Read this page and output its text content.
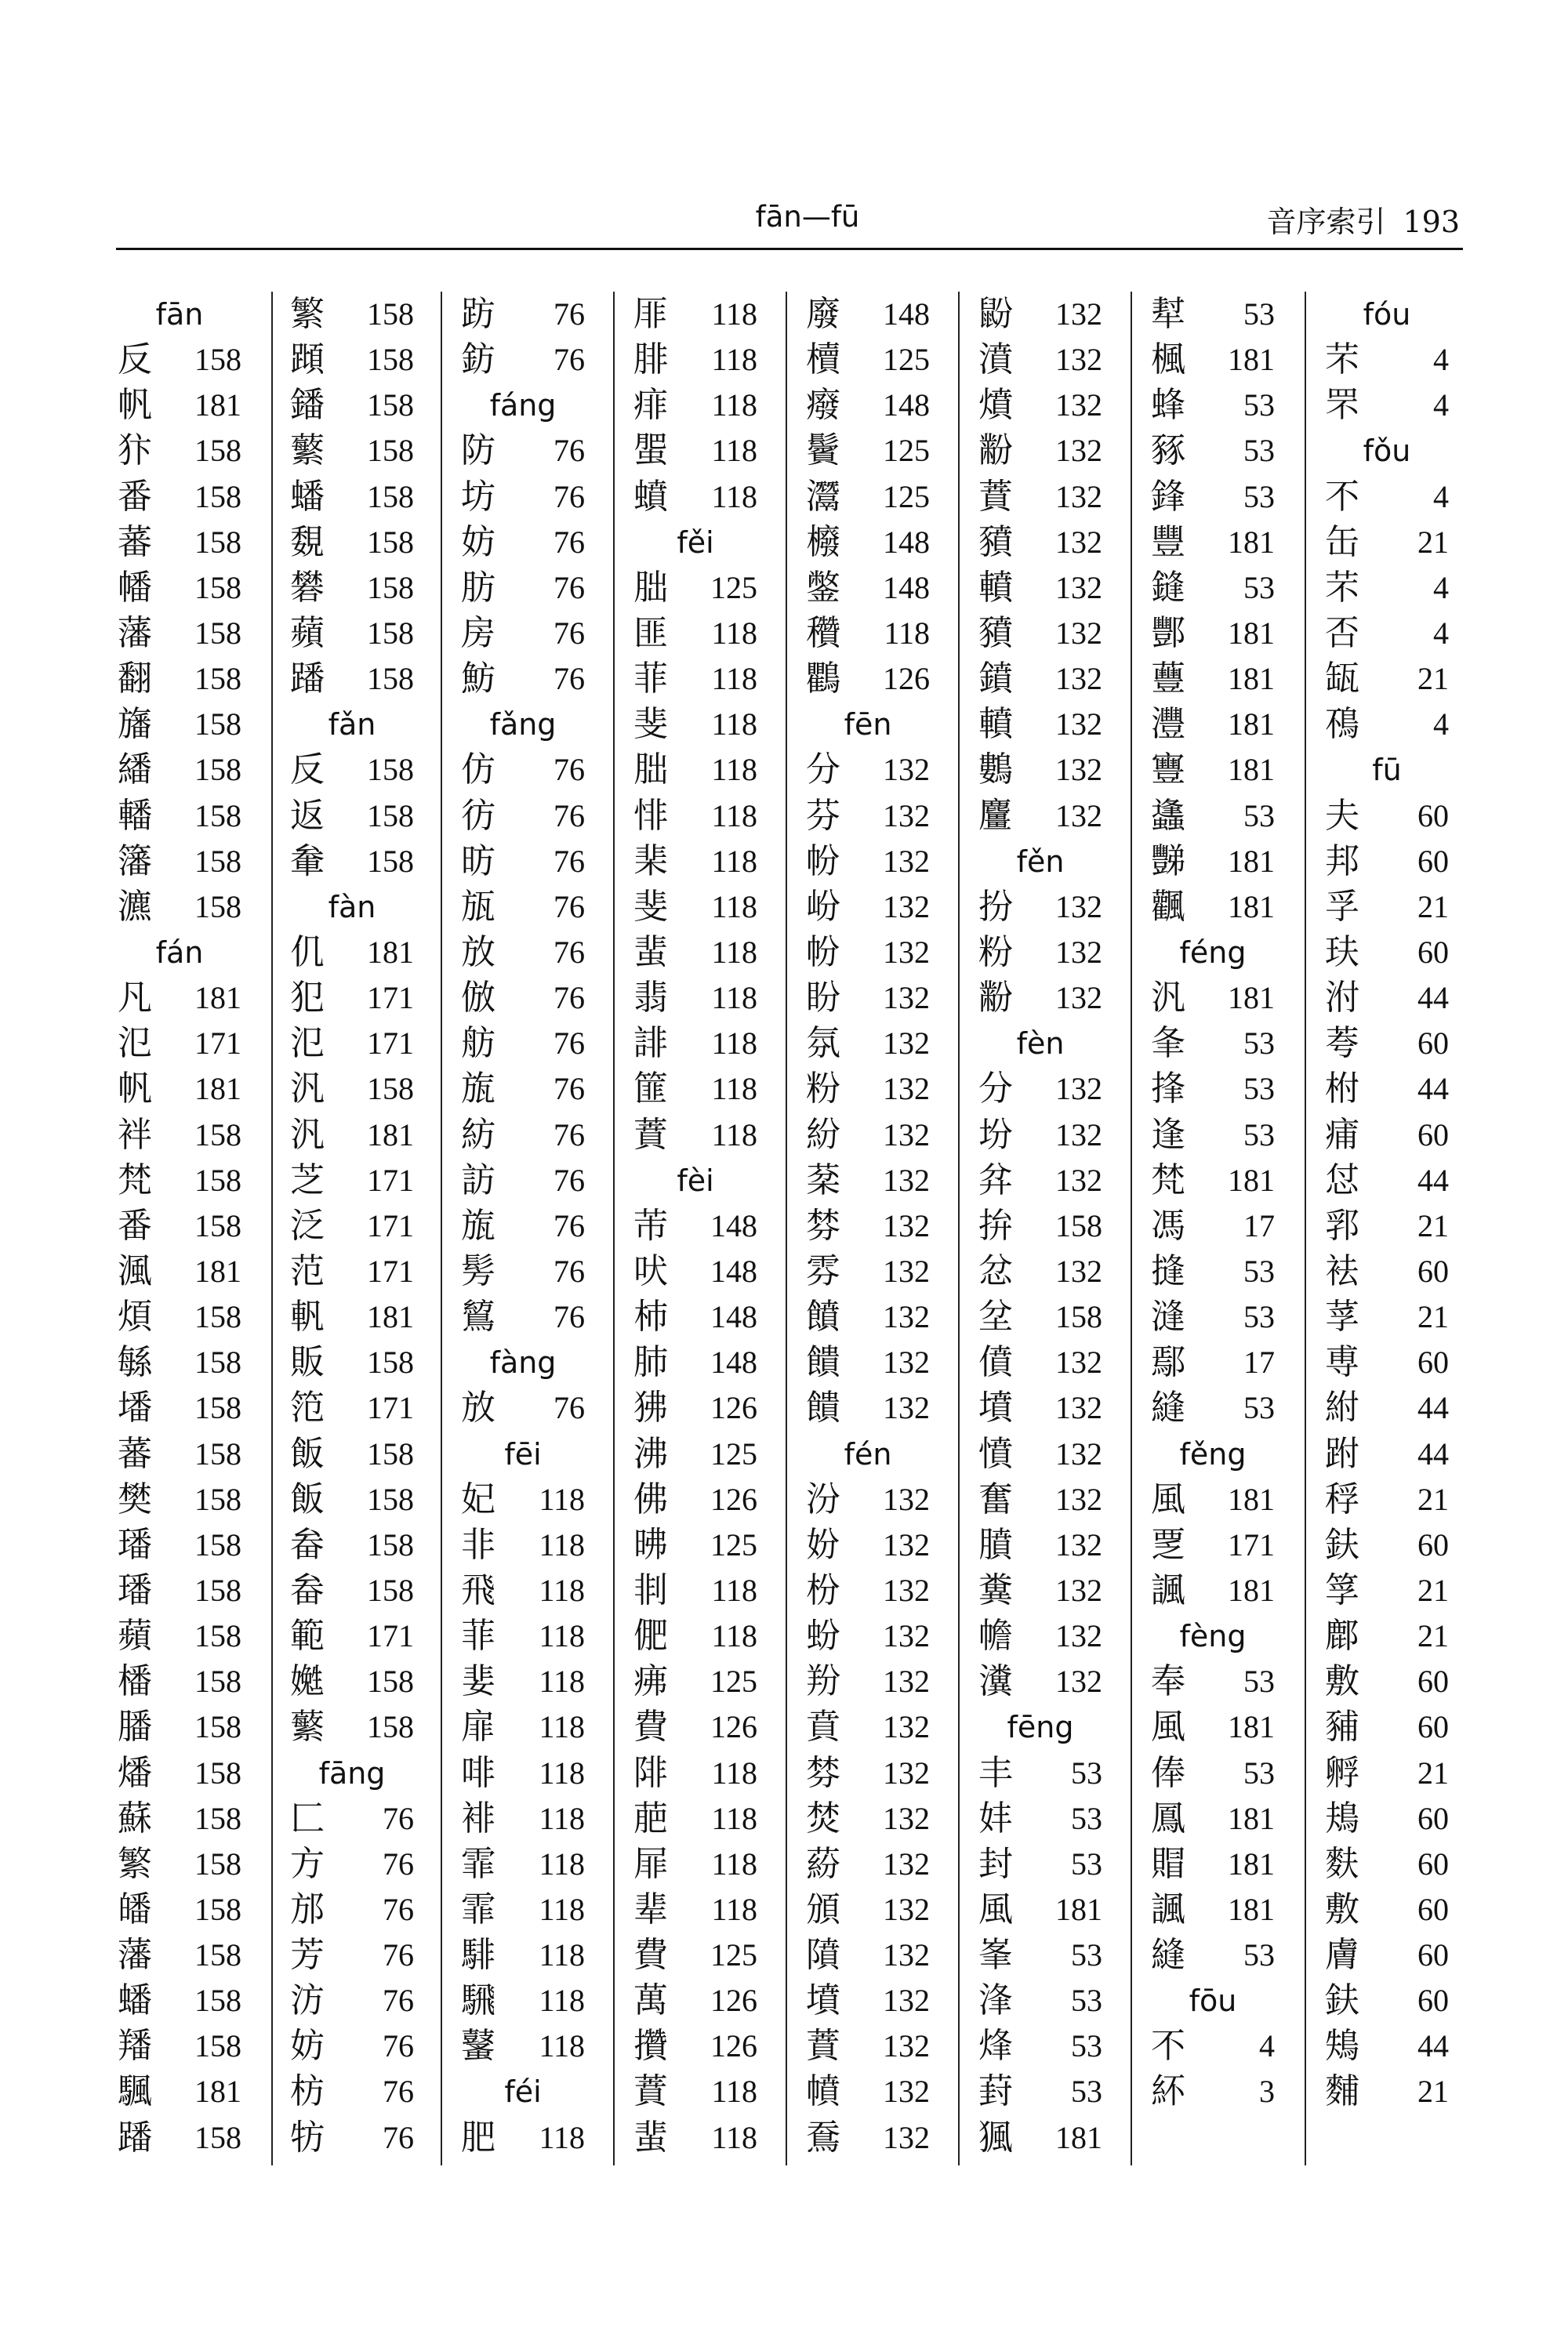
fān—fū	音序索引 193
fān
反 158
帆 181
犿 158
番 158
蕃 158
幡 158
藩 158
翻 158
旛 158
繙 158
轓 158
籓 158
瀌 158
fán
凡 181
氾 171
帆 181
袢 158
梵 158
番 158
渢 181
煩 158
緐 158
墦 158
蕃 158
樊 158
璠 158
璠 158
蘋 158
橎 158
膰 158
燔 158
蘇 158
繁 158
皤 158
藩 158
蟠 158
羳 158
颿 181
蹯 158
繁 158
蹞 158
鐇 158
蘩 158
蟠 158
覣 158
礬 158
蘋 158
蹯 158
fǎn
反 158
返 158
軬 158
fàn
仉 181
犯 171
氾 171
汎 158
汎 181
芝 171
泛 171
范 171
軓 181
販 158
笵 171
飯 158
飯 158
畚 158
畚 158
範 171
嬔 158
蘩 158
fāng
匚 76
方 76
邡 76
芳 76
汸 76
妨 76
枋 76
牥 76
趽 76
鈁 76
fáng
防 76
坊 76
妨 76
肪 76
房 76
魴 76
fǎng
仿 76
彷 76
昉 76
瓬 76
放 76
倣 76
舫 76
旊 76
紡 76
訪 76
旊 76
髣 76
鶭 76
fàng
放 76
fēi
妃 118
非 118
飛 118
菲 118
婓 118
扉 118
啡 118
裶 118
霏 118
霏 118
騑 118
騛 118
鼜 118
féi
肥 118
厞 118
腓 118
痱 118
蜰 118
蟦 118
fěi
朏 125
匪 118
菲 118
斐 118
朏 118
悱 118
棐 118
斐 118
蜚 118
翡 118
誹 118
篚 118
蕡 118
fèi
芾 148
吠 148
杮 148
肺 148
狒 126
沸 125
佛 126
昲 125
剕 118
俷 118
疿 125
費 126
陫 118
萉 118
屝 118
辈 118
費 125
萬 126
攢 126
蕡 118
蜚 118
廢 148
櫝 125
癈 148
鬢 125
灊 125
櫠 148
鐅 148
穳 118
鸜 126
fēn
分 132
芬 132
帉 132
岎 132
帉 132
盼 132
氛 132
粉 132
紛 132
棻 132
棼 132
雰 132
饙 132
饋 132
饋 132
fén
汾 132
妢 132
枌 132
蚡 132
羒 132
賁 132
棼 132
焚 132
蒶 132
頒 132
隫 132
墳 132
蕡 132
幩 132
鴌 132
鼢 132
濆 132
燌 132
黺 132
蕡 132
豶 132
轒 132
豶 132
鐼 132
轒 132
鷜 132
麠 132
fěn
扮 132
粉 132
黺 132
fèn
分 132
坋 132
弅 132
拚 158
忿 132
坌 158
僨 132
墳 132
憤 132
奮 132
膹 132
糞 132
幨 132
瀵 132
fēng
丰 53
妦 53
封 53
風 181
峯 53
浲 53
烽 53
葑 53
猦 181
犎 53
楓 181
蜂 53
豩 53
鋒 53
豐 181
鏠 53
酆 181
蘴 181
灃 181
寷 181
蠭 53
豒 181
飌 181
féng
汎 181
夆 53
捀 53
逢 53
梵 181
馮 17
摓 53
漨 53
鄢 17
縫 53
fěng
風 181
覂 171
諷 181
fèng
奉 53
風 181
俸 53
鳳 181
賵 181
諷 181
縫 53
fōu
不 4
紑 3
fóu
芣 4
罘 4
fǒu
不 4
缶 21
芣 4
否 4
缻 21
鴀 4
fū
夫 60
邦 60
孚 21
玞 60
泭 44
荂 60
柎 44
痡 60
怤 44
郛 21
袪 60
莩 21
尃 60
紨 44
跗 44
稃 21
鈇 60
筟 21
鄜 21
敷 60
豧 60
孵 21
鳺 60
麩 60
敷 60
膚 60
鈇 60
鴩 44
麱 21
